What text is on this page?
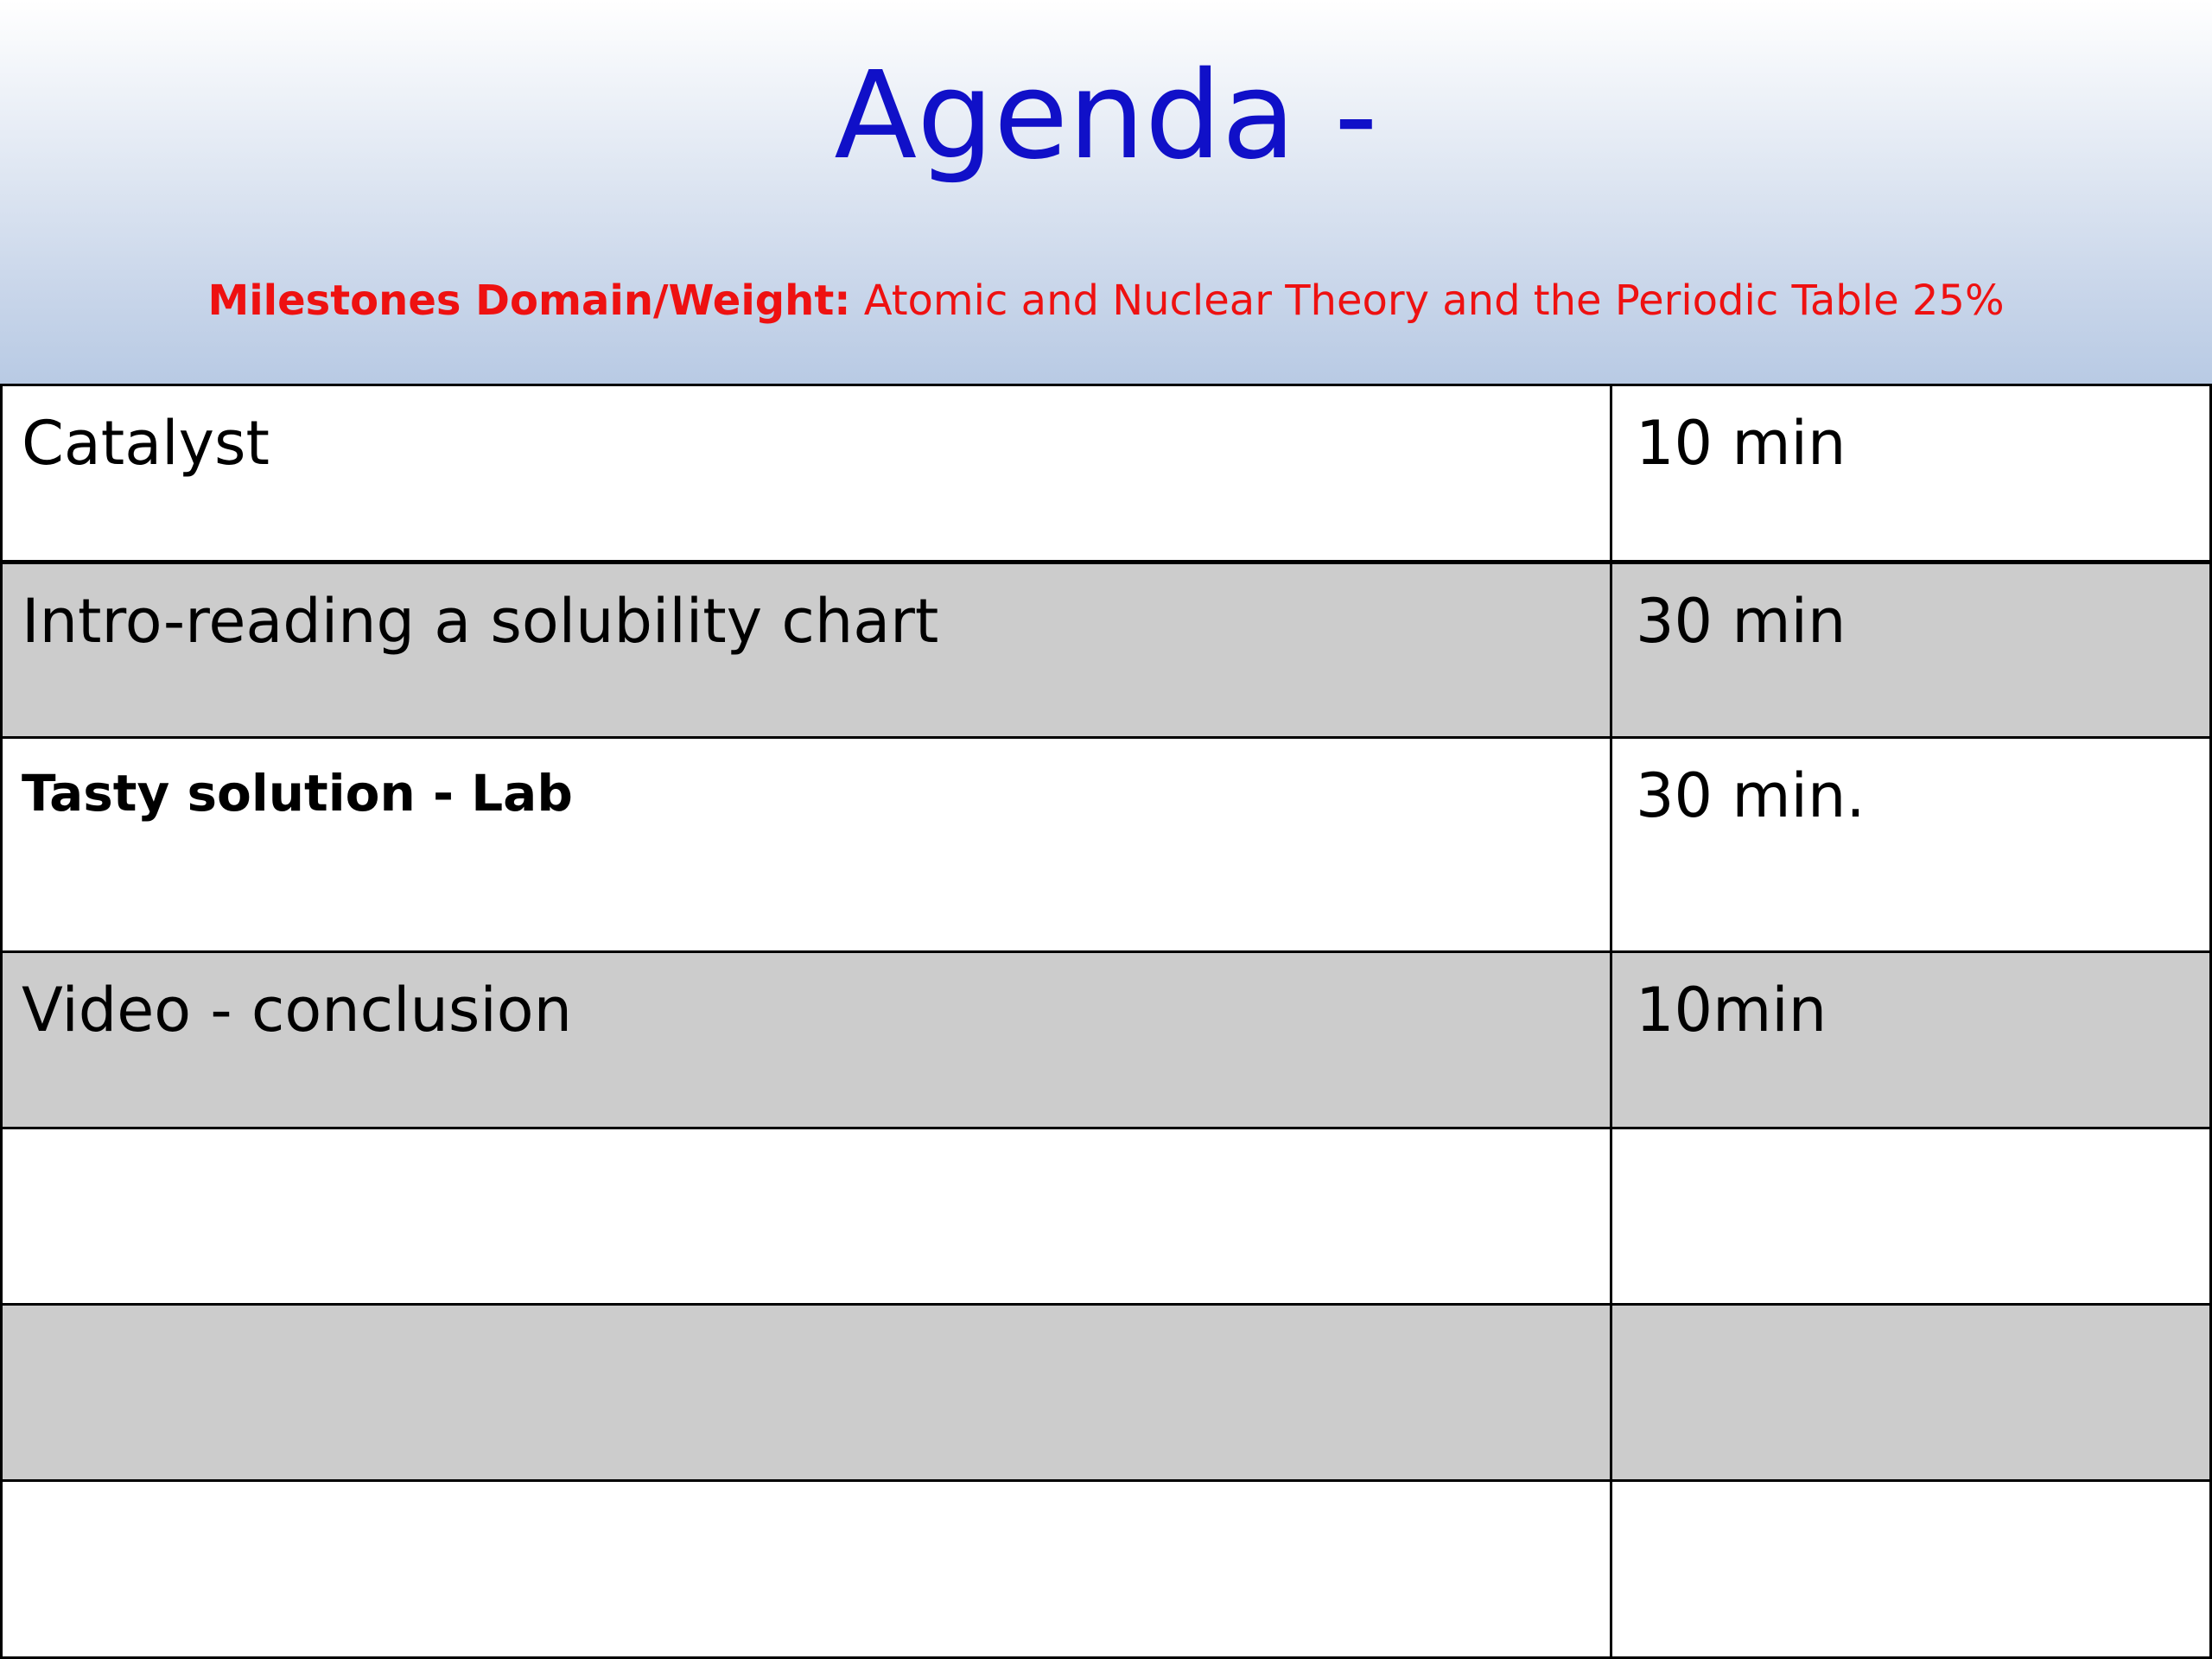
Agenda -
Milestones Domain/Weight: Atomic and Nuclear Theory and the Periodic Table 25%
Catalyst	10 min
Intro-reading a solubility chart	30 min
Tasty solution - Lab	30 min.
Video - conclusion	10min
